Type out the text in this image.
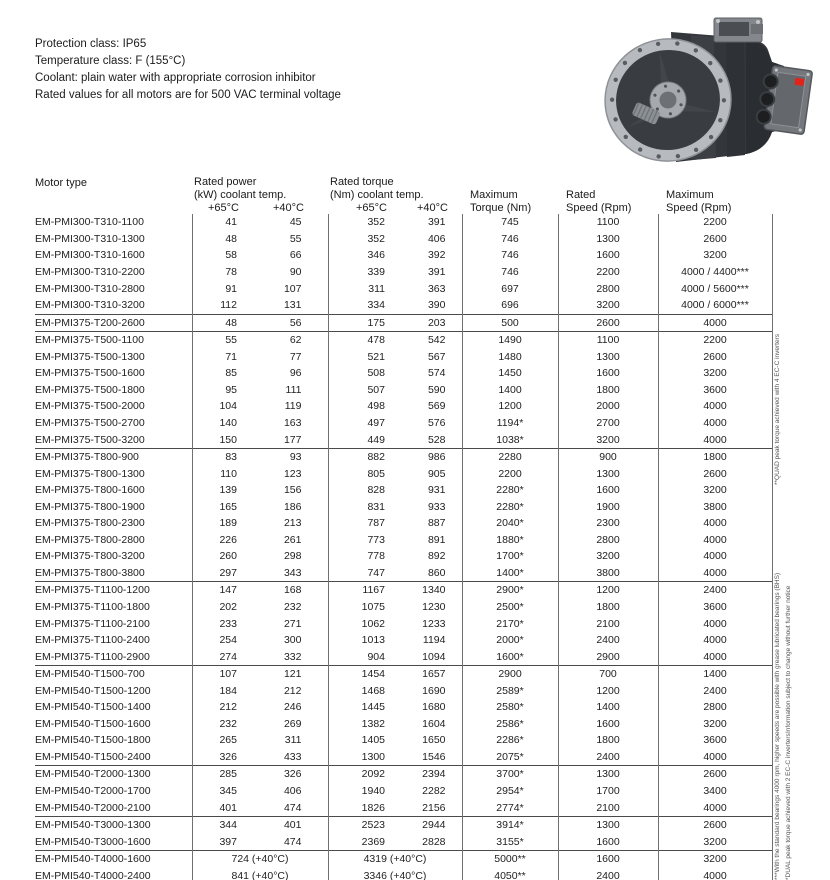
Protection class: IP65
Temperature class: F (155°C)
Coolant: plain water with appropriate corrosion inhibitor
Rated values for all motors are for 500 VAC terminal voltage
Motor type	Rated power		Rated torque				
	(kW) coolant temp.		(Nm) coolant temp.		Maximum	Rated	Maximum
	+65°C	+40°C	+65°C	+40°C	Torque (Nm)	Speed (Rpm)	Speed (Rpm)
EM-PMI300-T310-1100	41	45	352	391	745	1100	2200
EM-PMI300-T310-1300	48	55	352	406	746	1300	2600
EM-PMI300-T310-1600	58	66	346	392	746	1600	3200
EM-PMI300-T310-2200	78	90	339	391	746	2200	4000 / 4400***
EM-PMI300-T310-2800	91	107	311	363	697	2800	4000 / 5600***
EM-PMI300-T310-3200	112	131	334	390	696	3200	4000 / 6000***
EM-PMI375-T200-2600	48	56	175	203	500	2600	4000
EM-PMI375-T500-1100	55	62	478	542	1490	1100	2200
EM-PMI375-T500-1300	71	77	521	567	1480	1300	2600
EM-PMI375-T500-1600	85	96	508	574	1450	1600	3200
EM-PMI375-T500-1800	95	111	507	590	1400	1800	3600
EM-PMI375-T500-2000	104	119	498	569	1200	2000	4000
EM-PMI375-T500-2700	140	163	497	576	1194*	2700	4000
EM-PMI375-T500-3200	150	177	449	528	1038*	3200	4000
EM-PMI375-T800-900	83	93	882	986	2280	900	1800
EM-PMI375-T800-1300	110	123	805	905	2200	1300	2600
EM-PMI375-T800-1600	139	156	828	931	2280*	1600	3200
EM-PMI375-T800-1900	165	186	831	933	2280*	1900	3800
EM-PMI375-T800-2300	189	213	787	887	2040*	2300	4000
EM-PMI375-T800-2800	226	261	773	891	1880*	2800	4000
EM-PMI375-T800-3200	260	298	778	892	1700*	3200	4000
EM-PMI375-T800-3800	297	343	747	860	1400*	3800	4000
EM-PMI375-T1100-1200	147	168	1167	1340	2900*	1200	2400
EM-PMI375-T1100-1800	202	232	1075	1230	2500*	1800	3600
EM-PMI375-T1100-2100	233	271	1062	1233	2170*	2100	4000
EM-PMI375-T1100-2400	254	300	1013	1194	2000*	2400	4000
EM-PMI375-T1100-2900	274	332	904	1094	1600*	2900	4000
EM-PMI540-T1500-700	107	121	1454	1657	2900	700	1400
EM-PMI540-T1500-1200	184	212	1468	1690	2589*	1200	2400
EM-PMI540-T1500-1400	212	246	1445	1680	2580*	1400	2800
EM-PMI540-T1500-1600	232	269	1382	1604	2586*	1600	3200
EM-PMI540-T1500-1800	265	311	1405	1650	2286*	1800	3600
EM-PMI540-T1500-2400	326	433	1300	1546	2075*	2400	4000
EM-PMI540-T2000-1300	285	326	2092	2394	3700*	1300	2600
EM-PMI540-T2000-1700	345	406	1940	2282	2954*	1700	3400
EM-PMI540-T2000-2100	401	474	1826	2156	2774*	2100	4000
EM-PMI540-T3000-1300	344	401	2523	2944	3914*	1300	2600
EM-PMI540-T3000-1600	397	474	2369	2828	3155*	1600	3200
EM-PMI540-T4000-1600	724 (+40°C)		4319 (+40°C)		5000**	1600	3200
EM-PMI540-T4000-2400	841 (+40°C)		3346 (+40°C)		4050**	2400	4000
**QUAD peak torque achieved with 4 EC-C inverters
Information subject to change without further notice
***With the standard bearings 4000 rpm, higher speeds are possible with grease lubricated bearings (BHS) *DUAL peak torque achieved with 2 EC-C inverters
